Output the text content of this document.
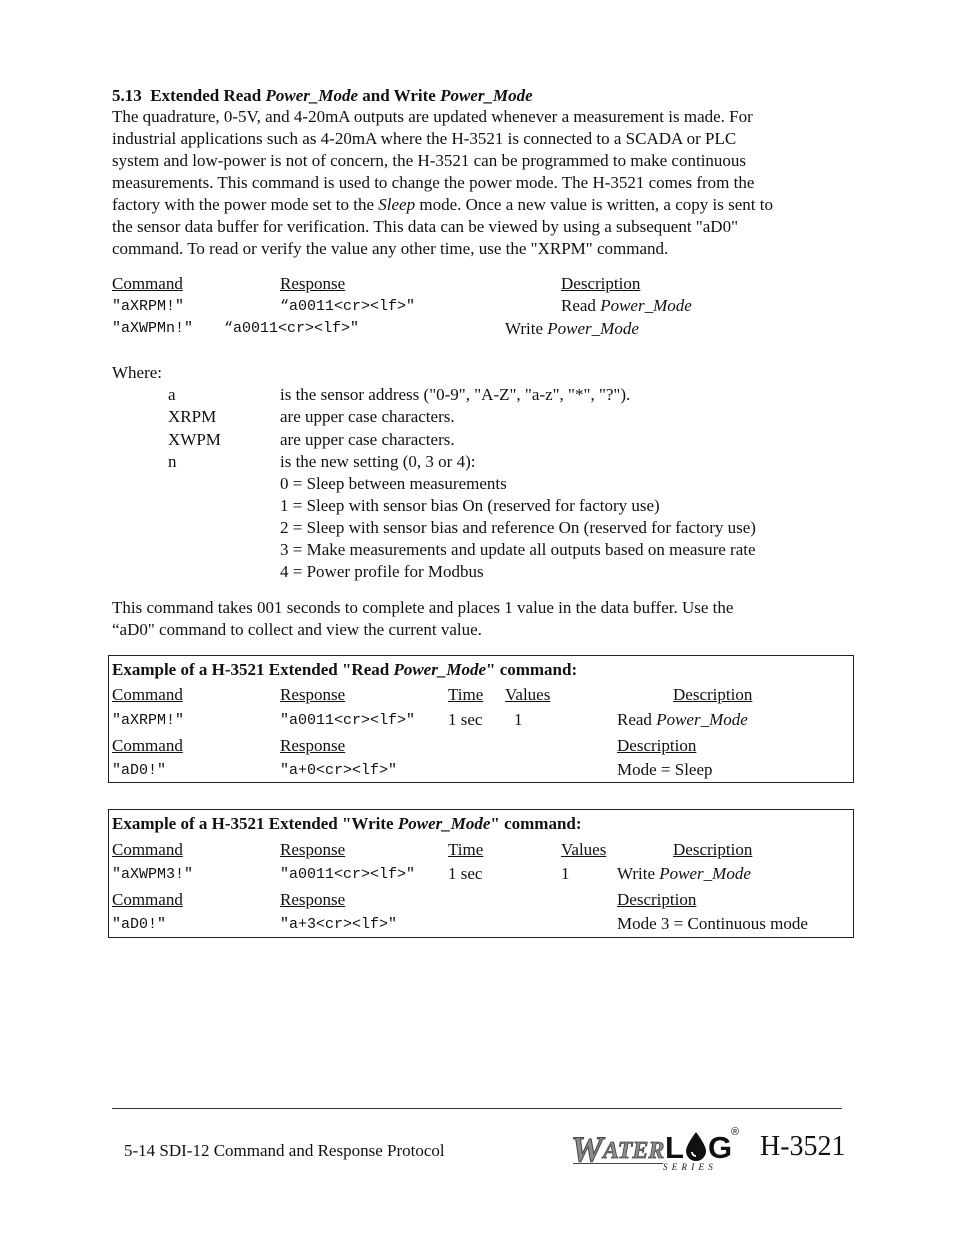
5.13 Extended Read Power_Mode and Write Power_Mode
The quadrature, 0-5V, and 4-20mA outputs are updated whenever a measurement is made. For
industrial applications such as 4-20mA where the H-3521 is connected to a SCADA or PLC
system and low-power is not of concern, the H-3521 can be programmed to make continuous
measurements. This command is used to change the power mode. The H-3521 comes from the
factory with the power mode set to the Sleep mode. Once a new value is written, a copy is sent to
the sensor data buffer for verification. This data can be viewed by using a subsequent "aD0"
command. To read or verify the value any other time, use the "XRPM" command.
Command	Response	Description
"aXRPM!"	“a0011<cr><lf>"	Read Power_Mode
"aXWPMn!" “a0011<cr><lf>"	Write Power_Mode
Where:
a	is the sensor address ("0-9", "A-Z", "a-z", "*", "?").
XRPM	are upper case characters.
XWPM	are upper case characters.
n	is the new setting (0, 3 or 4):
0 = Sleep between measurements
1 = Sleep with sensor bias On (reserved for factory use)
2 = Sleep with sensor bias and reference On (reserved for factory use)
3 = Make measurements and update all outputs based on measure rate
4 = Power profile for Modbus
This command takes 001 seconds to complete and places 1 value in the data buffer. Use the
“aD0" command to collect and view the current value.
Example of a H-3521 Extended "Read Power_Mode" command:
Command	Response	Time Values	Description
"aXRPM!"	"a0011<cr><lf>" 1 sec 1	Read Power_Mode
Command	Response	Description
"aD0!"	"a+0<cr><lf>"	Mode = Sleep
Example of a H-3521 Extended "Write Power_Mode" command:
Command	Response	Time	Values	Description
"aXWPM3!"	"a0011<cr><lf>" 1 sec	1	Write Power_Mode
Command	Response	Description
"aD0!"	"a+3<cr><lf>"	Mode 3 = Continuous mode
5-14 SDI-12 Command and Response Protocol	W ATER L G
®
S E R I E S
H-3521
